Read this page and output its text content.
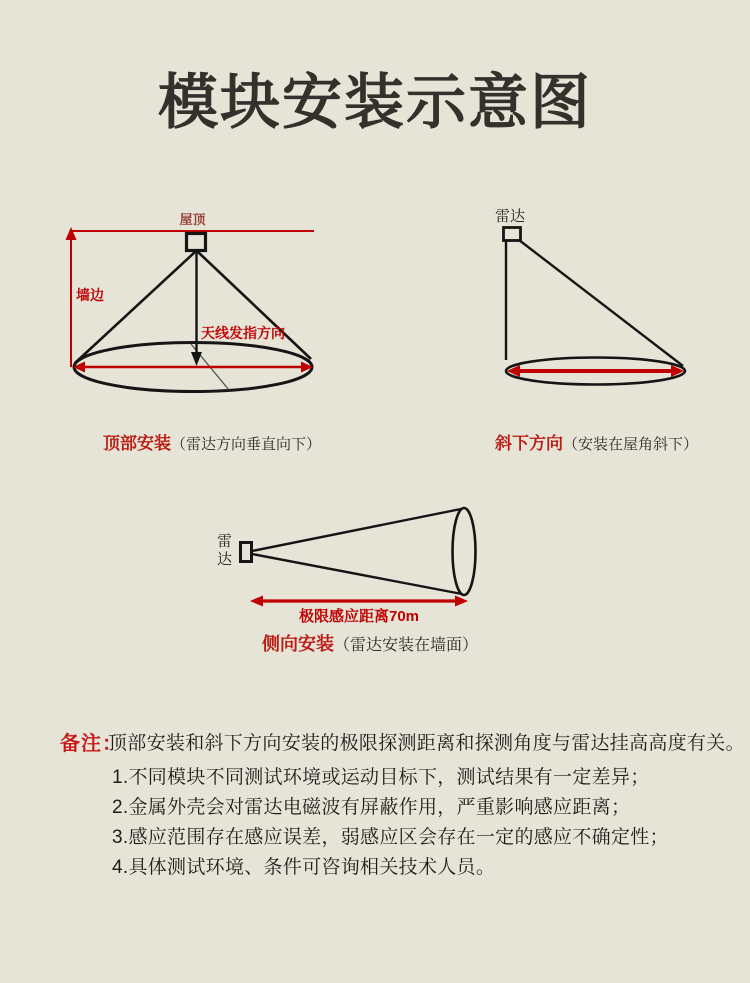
模块安装示意图
屋顶
墙边
天线发指方向
顶部安装（雷达方向垂直向下）
雷达
斜下方向（安装在屋角斜下）
雷
达
极限感应距离70m
侧向安装（雷达安装在墙面）
备注：
顶部安装和斜下方向安装的极限探测距离和探测角度与雷达挂高高度有关。
1.不同模块不同测试环境或运动目标下，测试结果有一定差异；
2.金属外壳会对雷达电磁波有屏蔽作用，严重影响感应距离；
3.感应范围存在感应误差，弱感应区会存在一定的感应不确定性；
4.具体测试环境、条件可咨询相关技术人员。
